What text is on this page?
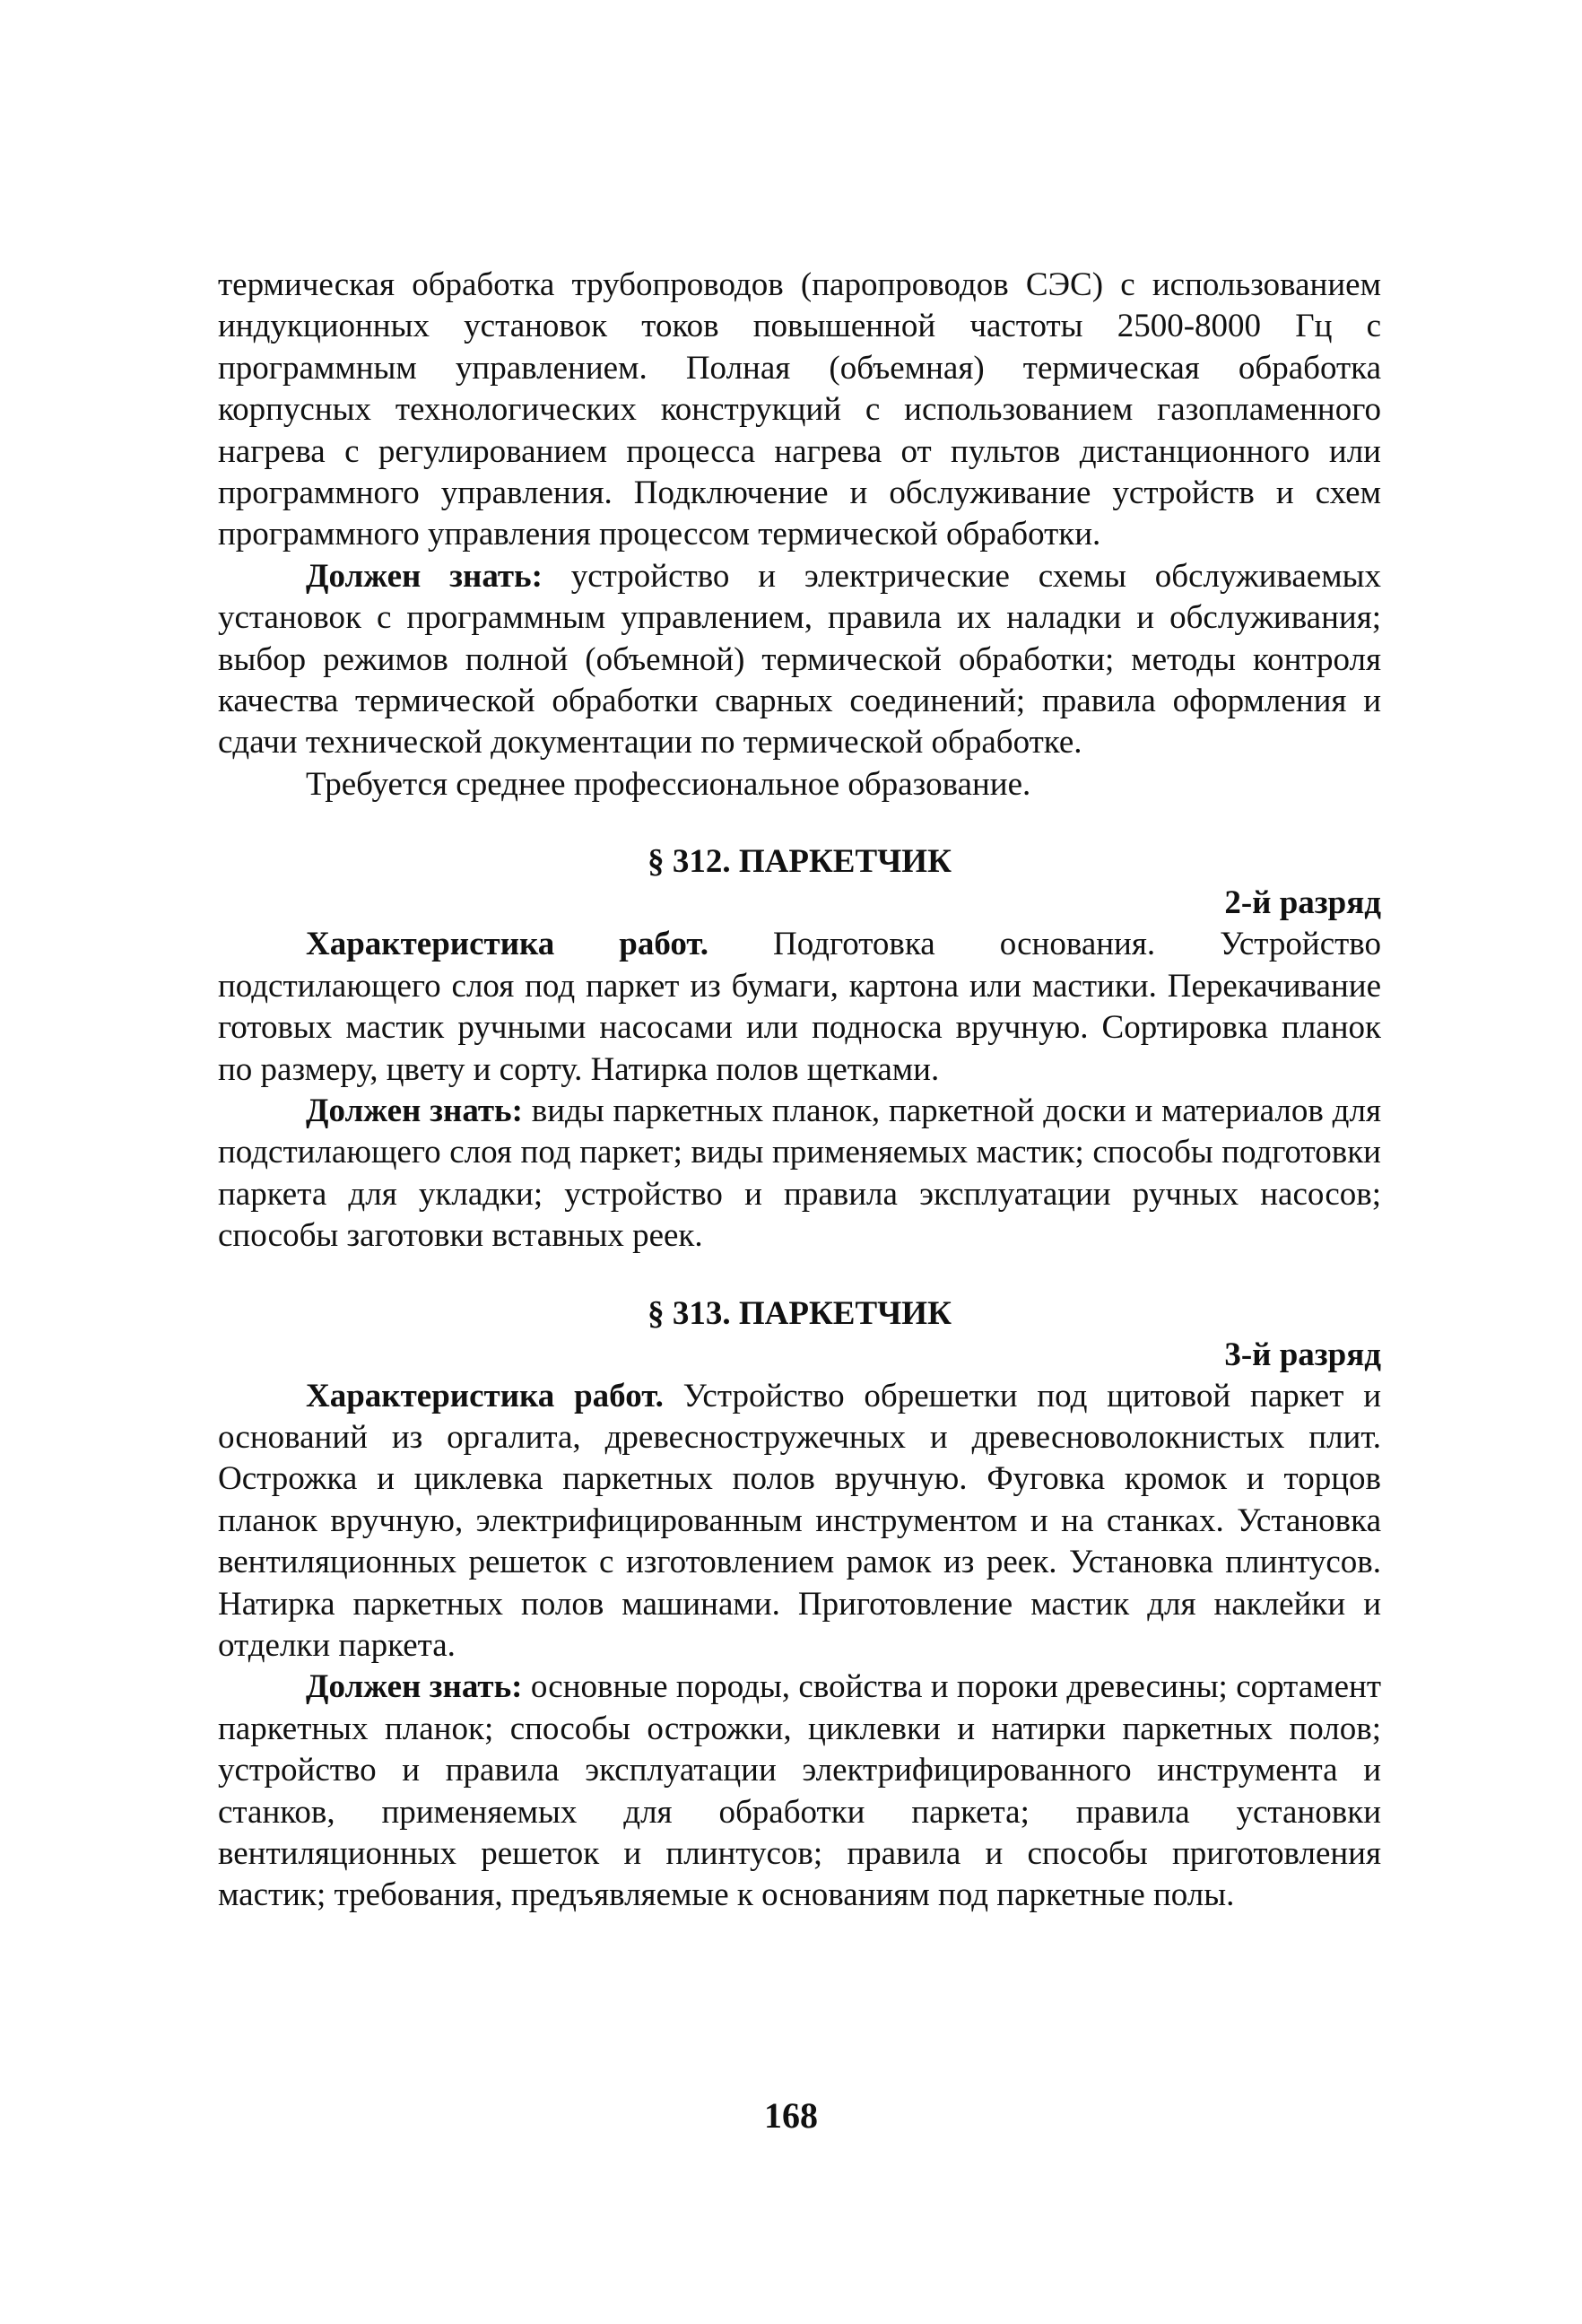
термическая обработка трубопроводов (паропроводов СЭС) с использованием индукционных установок токов повышенной частоты 2500-8000 Гц с программным управлением. Полная (объемная) термическая обработка корпусных технологических конструкций с использованием газопламенного нагрева с регулированием процесса нагрева от пультов дистанционного или программного управления. Подключение и обслуживание устройств и схем программного управления процессом термической обработки.

Должен знать: устройство и электрические схемы обслуживаемых установок с программным управлением, правила их наладки и обслуживания; выбор режимов полной (объемной) термической обработки; методы контроля качества термической обработки сварных соединений; правила оформления и сдачи технической документации по термической обработке.

Требуется среднее профессиональное образование.

§ 312. ПАРКЕТЧИК
2-й разряд

Характеристика работ. Подготовка основания. Устройство подстилающего слоя под паркет из бумаги, картона или мастики. Перекачивание готовых мастик ручными насосами или подноска вручную. Сортировка планок по размеру, цвету и сорту. Натирка полов щетками.

Должен знать: виды паркетных планок, паркетной доски и материалов для подстилающего слоя под паркет; виды применяемых мастик; способы подготовки паркета для укладки; устройство и правила эксплуатации ручных насосов; способы заготовки вставных реек.

§ 313. ПАРКЕТЧИК
3-й разряд

Характеристика работ. Устройство обрешетки под щитовой паркет и оснований из оргалита, древесностружечных и древесноволокнистых плит. Острожка и циклевка паркетных полов вручную. Фуговка кромок и торцов планок вручную, электрифицированным инструментом и на станках. Установка вентиляционных решеток с изготовлением рамок из реек. Установка плинтусов. Натирка паркетных полов машинами. Приготовление мастик для наклейки и отделки паркета.

Должен знать: основные породы, свойства и пороки древесины; сортамент паркетных планок; способы острожки, циклевки и натирки паркетных полов; устройство и правила эксплуатации электрифицированного инструмента и станков, применяемых для обработки паркета; правила установки вентиляционных решеток и плинтусов; правила и способы приготовления мастик; требования, предъявляемые к основаниям под паркетные полы.

168
